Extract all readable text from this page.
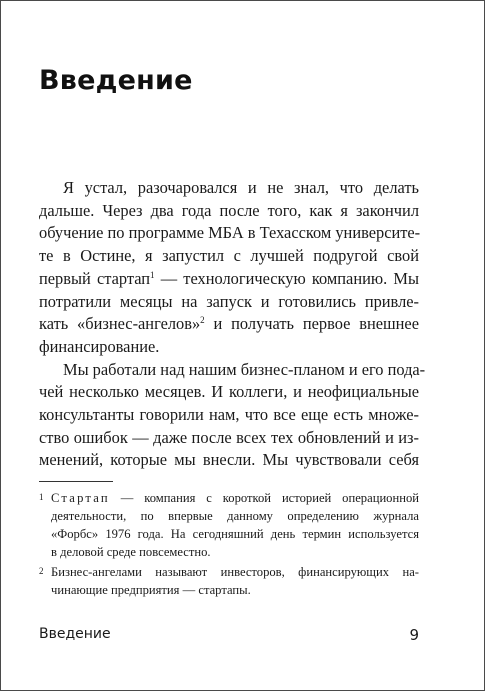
Введение
Я устал, разочаровался и не знал, что делать
дальше. Через два года после того, как я закончил
обучение по программе МБА в Техасском университе-
те в Остине, я запустил с лучшей подругой свой
первый стартап$^1$ — технологическую компанию. Мы
потратили месяцы на запуск и готовились привле-
кать «бизнес-ангелов»$^2$ и получать первое внешнее
финансирование.
Мы работали над нашим бизнес-планом и его пода-
чей несколько месяцев. И коллеги, и неофициальные
консультанты говорили нам, что все еще есть множе-
ство ошибок — даже после всех тех обновлений и из-
менений, которые мы внесли. Мы чувствовали себя
1 Стартап — компания с короткой историей операционной
деятельности, по впервые данному определению журнала
«Форбс» 1976 года. На сегодняшний день термин используется
в деловой среде повсеместно.
2 Бизнес-ангелами называют инвесторов, финансирующих на-
чинающие предприятия — стартапы.
Введение	9
